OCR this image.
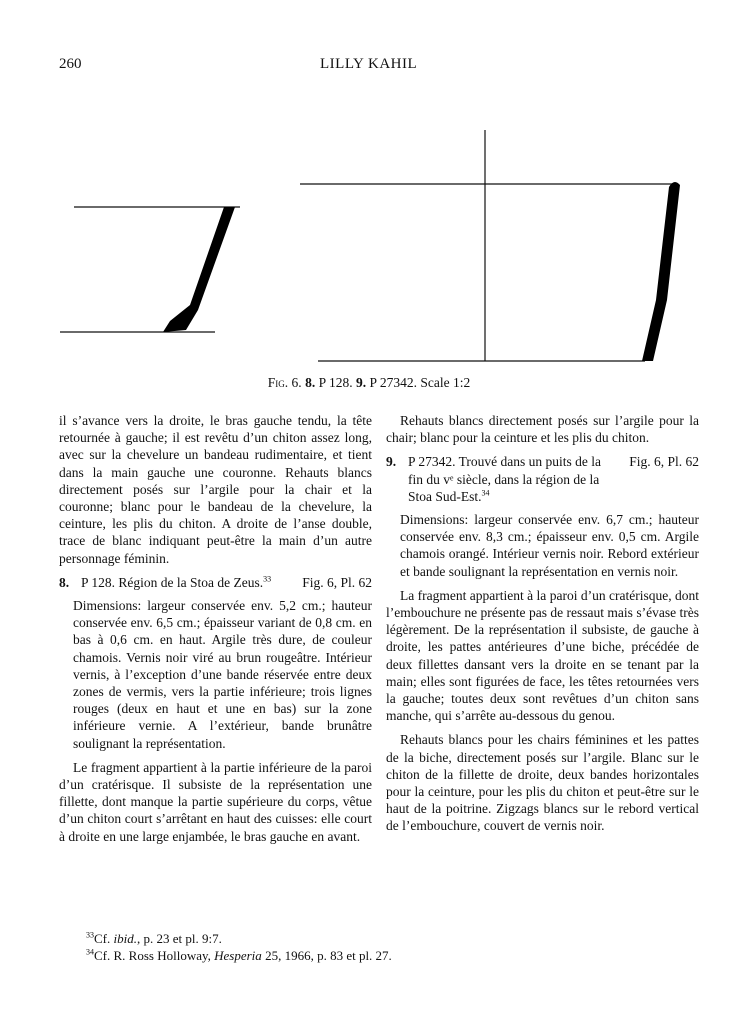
260	LILLY KAHIL
Fig. 6. 8. P 128. 9. P 27342. Scale 1:2

il s’avance vers la droite, le bras gauche tendu, la tête retournée à gauche; il est revêtu d’un chiton assez long, avec sur la chevelure un bandeau rudimentaire, et tient dans la main gauche une couronne. Rehauts blancs directement posés sur l’argile pour la chair et la couronne; blanc pour le bandeau de la chevelure, la ceinture, les plis du chiton. A droite de l’anse double, trace de blanc indiquant peut-être la main d’un autre personnage féminin.

8. P 128. Région de la Stoa de Zeus.$^{33}$	Fig. 6, Pl. 62

Dimensions: largeur conservée env. 5,2 cm.; hauteur conservée env. 6,5 cm.; épaisseur variant de 0,8 cm. en bas à 0,6 cm. en haut. Argile très dure, de couleur chamois. Vernis noir viré au brun rougeâtre. Intérieur vernis, à l’exception d’une bande réservée entre deux zones de vermis, vers la partie inférieure; trois lignes rouges (deux en haut et une en bas) sur la zone inférieure vernie. A l’extérieur, bande brunâtre soulignant la représentation.

Le fragment appartient à la partie inférieure de la paroi d’un cratérisque. Il subsiste de la représentation une fillette, dont manque la partie supérieure du corps, vêtue d’un chiton court s’arrêtant en haut des cuisses: elle court à droite en une large enjambée, le bras gauche en avant.

Rehauts blancs directement posés sur l’argile pour la chair; blanc pour la ceinture et les plis du chiton.

9. P 27342. Trouvé dans un puits de la fin du vᵉ siècle, dans la région de la Stoa Sud-Est.$^{34}$
Fig. 6, Pl. 62

Dimensions: largeur conservée env. 6,7 cm.; hauteur conservée env. 8,3 cm.; épaisseur env. 0,5 cm. Argile chamois orangé. Intérieur vernis noir. Rebord extérieur et bande soulignant la représentation en vernis noir.

La fragment appartient à la paroi d’un cratérisque, dont l’embouchure ne présente pas de ressaut mais s’évase très légèrement. De la représentation il subsiste, de gauche à droite, les pattes antérieures d’une biche, précédée de deux fillettes dansant vers la droite en se tenant par la main; elles sont figurées de face, les têtes retournées vers la gauche; toutes deux sont revêtues d’un chiton sans manche, qui s’arrête au-dessous du genou.

Rehauts blancs pour les chairs féminines et les pattes de la biche, directement posés sur l’argile. Blanc sur le chiton de la fillette de droite, deux bandes horizontales pour la ceinture, pour les plis du chiton et peut-être sur le haut de la poitrine. Zigzags blancs sur le rebord vertical de l’embouchure, couvert de vernis noir.

$^{33}$Cf. ibid., p. 23 et pl. 9:7.
$^{34}$Cf. R. Ross Holloway, Hesperia 25, 1966, p. 83 et pl. 27.
